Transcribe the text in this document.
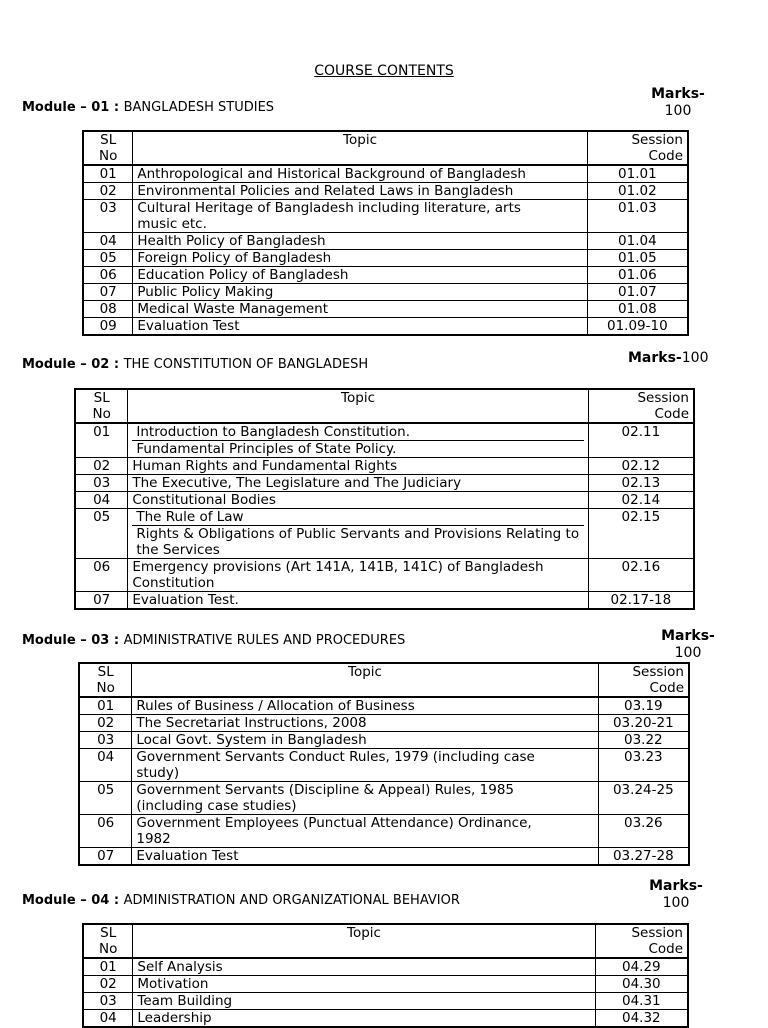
COURSE CONTENTS
Module – 01 : BANGLADESH STUDIES
Marks-
100
SL
No	Topic	Session
Code
01	Anthropological and Historical Background of Bangladesh	01.01
02	Environmental Policies and Related Laws in Bangladesh	01.02
03	Cultural Heritage of Bangladesh including literature, arts music etc.	01.03
04	Health Policy of Bangladesh	01.04
05	Foreign Policy of Bangladesh	01.05
06	Education Policy of Bangladesh	01.06
07	Public Policy Making	01.07
08	Medical Waste Management	01.08
09	Evaluation Test	01.09-10
Module – 02 : THE CONSTITUTION OF BANGLADESH	Marks-100
SL
No	Topic	Session
Code
01	Introduction to Bangladesh Constitution.
Fundamental Principles of State Policy.	02.11
02	Human Rights and Fundamental Rights	02.12
03	The Executive, The Legislature and The Judiciary	02.13
04	Constitutional Bodies	02.14
05	The Rule of Law
Rights & Obligations of Public Servants and Provisions Relating to the Services	02.15
06	Emergency provisions (Art 141A, 141B, 141C) of Bangladesh Constitution	02.16
07	Evaluation Test.	02.17-18
Module – 03 : ADMINISTRATIVE RULES AND PROCEDURES	Marks-
100
SL
No	Topic	Session
Code
01	Rules of Business / Allocation of Business	03.19
02	The Secretariat Instructions, 2008	03.20-21
03	Local Govt. System in Bangladesh	03.22
04	Government Servants Conduct Rules, 1979 (including case study)	03.23
05	Government Servants (Discipline & Appeal) Rules, 1985 (including case studies)	03.24-25
06	Government Employees (Punctual Attendance) Ordinance, 1982	03.26
07	Evaluation Test	03.27-28
Module – 04 : ADMINISTRATION AND ORGANIZATIONAL BEHAVIOR
Marks-
100
SL
No	Topic	Session
Code
01	Self Analysis	04.29
02	Motivation	04.30
03	Team Building	04.31
04	Leadership	04.32
